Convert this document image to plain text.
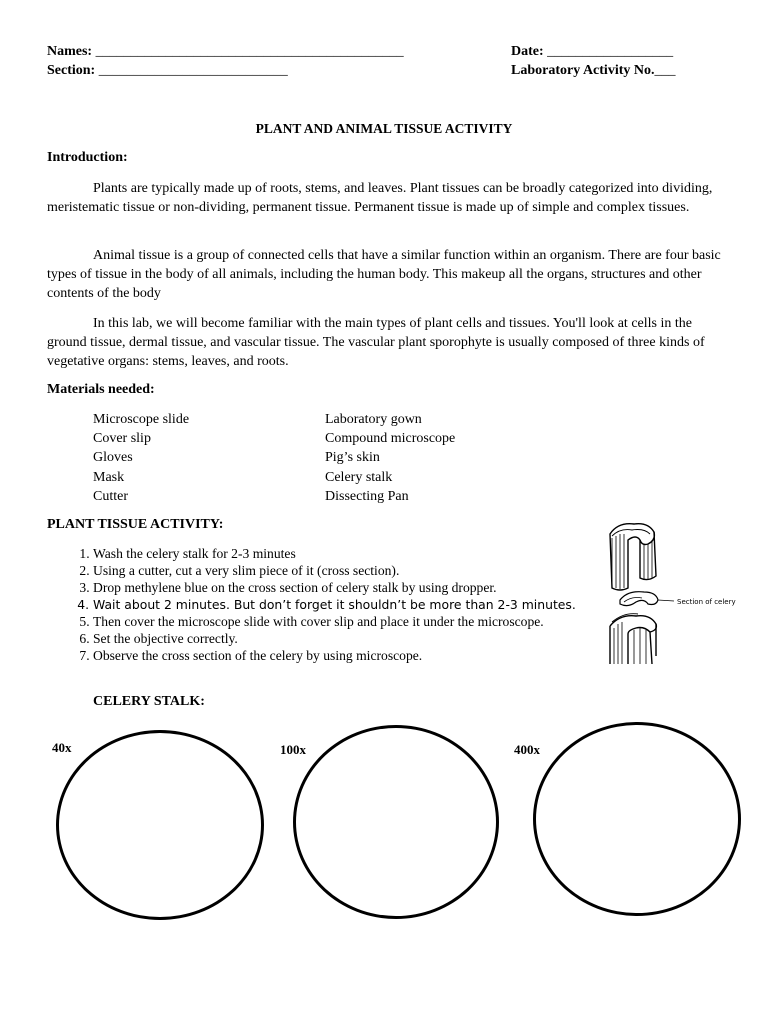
Names: ____________________________________________
Section: ___________________________
Date: __________________
Laboratory Activity No.___
PLANT AND ANIMAL TISSUE ACTIVITY
Introduction:
Plants are typically made up of roots, stems, and leaves. Plant tissues can be broadly categorized into dividing, meristematic tissue or non-dividing, permanent tissue. Permanent tissue is made up of simple and complex tissues.
Animal tissue is a group of connected cells that have a similar function within an organism. There are four basic types of tissue in the body of all animals, including the human body. This makeup all the organs, structures and other contents of the body
In this lab, we will become familiar with the main types of plant cells and tissues. You'll look at cells in the ground tissue, dermal tissue, and vascular tissue. The vascular plant sporophyte is usually composed of three kinds of vegetative organs: stems, leaves, and roots.
Materials needed:
Microscope slide
Cover slip
Gloves
Mask
Cutter
Laboratory gown
Compound microscope
Pig’s skin
Celery stalk
Dissecting Pan
PLANT TISSUE ACTIVITY:
1. Wash the celery stalk for 2-3 minutes
2. Using a cutter, cut a very slim piece of it (cross section).
3. Drop methylene blue on the cross section of celery stalk by using dropper.
4. Wait about 2 minutes. But don’t forget it shouldn’t be more than 2-3 minutes.
5. Then cover the microscope slide with cover slip and place it under the microscope.
6. Set the objective correctly.
7. Observe the cross section of the celery by using microscope.
Section of celery
CELERY STALK:
40x	100x	400x
